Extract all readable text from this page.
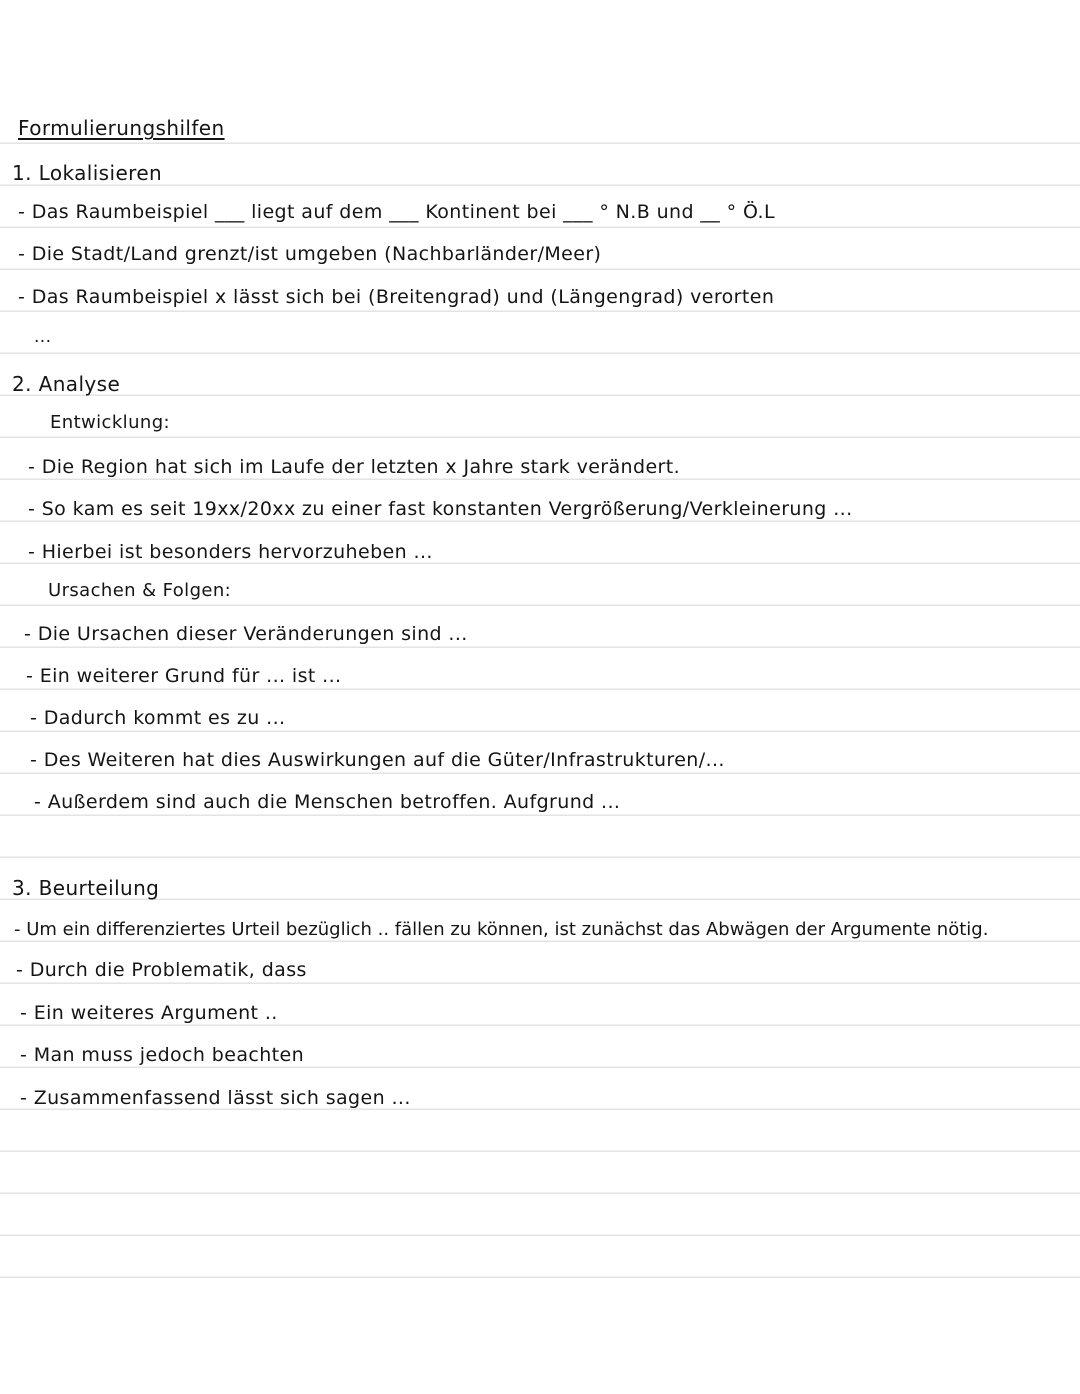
Formulierungshilfen
1. Lokalisieren
- Das Raumbeispiel ___ liegt auf dem ___ Kontinent bei ___ ° N.B und __ ° Ö.L
- Die Stadt/Land grenzt/ist umgeben (Nachbarländer/Meer)
- Das Raumbeispiel x lässt sich bei (Breitengrad) und (Längengrad) verorten
...
2. Analyse
Entwicklung:
- Die Region hat sich im Laufe der letzten x Jahre stark verändert.
- So kam es seit 19xx/20xx zu einer fast konstanten Vergrößerung/Verkleinerung ...
- Hierbei ist besonders hervorzuheben ...
Ursachen & Folgen:
- Die Ursachen dieser Veränderungen sind ...
- Ein weiterer Grund für ... ist ...
- Dadurch kommt es zu ...
- Des Weiteren hat dies Auswirkungen auf die Güter/Infrastrukturen/...
- Außerdem sind auch die Menschen betroffen. Aufgrund ...
3. Beurteilung
- Um ein differenziertes Urteil bezüglich .. fällen zu können, ist zunächst das Abwägen der Argumente nötig.
- Durch die Problematik, dass
- Ein weiteres Argument ..
- Man muss jedoch beachten
- Zusammenfassend lässt sich sagen ...
